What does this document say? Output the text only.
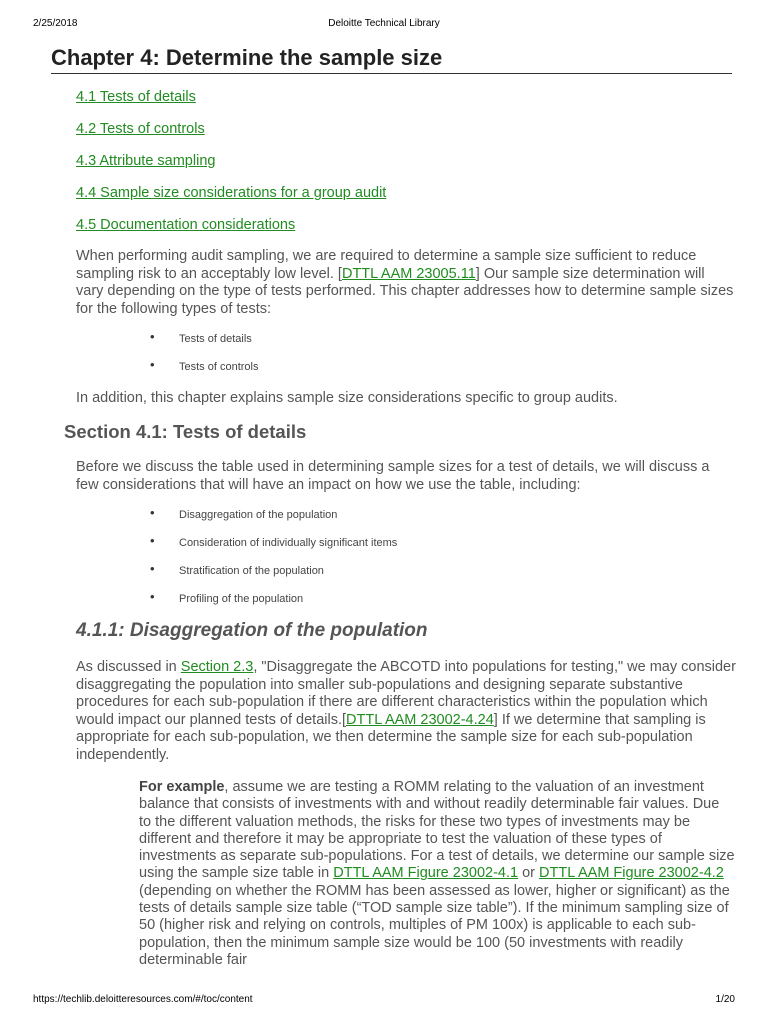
2/25/2018	Deloitte Technical Library
Chapter 4: Determine the sample size
4.1 Tests of details
4.2 Tests of controls
4.3 Attribute sampling
4.4 Sample size considerations for a group audit
4.5 Documentation considerations

When performing audit sampling, we are required to determine a sample size sufficient to reduce sampling risk to an acceptably low level. [DTTL AAM 23005.11] Our sample size determination will vary depending on the type of tests performed. This chapter addresses how to determine sample sizes for the following types of tests:

• Tests of details
• Tests of controls

In addition, this chapter explains sample size considerations specific to group audits.

Section 4.1: Tests of details

Before we discuss the table used in determining sample sizes for a test of details, we will discuss a few considerations that will have an impact on how we use the table, including:

• Disaggregation of the population
• Consideration of individually significant items
• Stratification of the population
• Profiling of the population
4.1.1: Disaggregation of the population

As discussed in Section 2.3, "Disaggregate the ABCOTD into populations for testing," we may consider disaggregating the population into smaller sub-populations and designing separate substantive procedures for each sub-population if there are different characteristics within the population which would impact our planned tests of details.[DTTL AAM 23002-4.24] If we determine that sampling is appropriate for each sub-population, we then determine the sample size for each sub-population independently.

For example, assume we are testing a ROMM relating to the valuation of an investment balance that consists of investments with and without readily determinable fair values. Due to the different valuation methods, the risks for these two types of investments may be different and therefore it may be appropriate to test the valuation of these types of investments as separate sub-populations. For a test of details, we determine our sample size using the sample size table in DTTL AAM Figure 23002-4.1 or DTTL AAM Figure 23002-4.2 (depending on whether the ROMM has been assessed as lower, higher or significant) as the tests of details sample size table (“TOD sample size table”). If the minimum sampling size of 50 (higher risk and relying on controls, multiples of PM 100x) is applicable to each sub-population, then the minimum sample size would be 100 (50 investments with readily determinable fair

https://techlib.deloitteresources.com/#/toc/content	1/20
